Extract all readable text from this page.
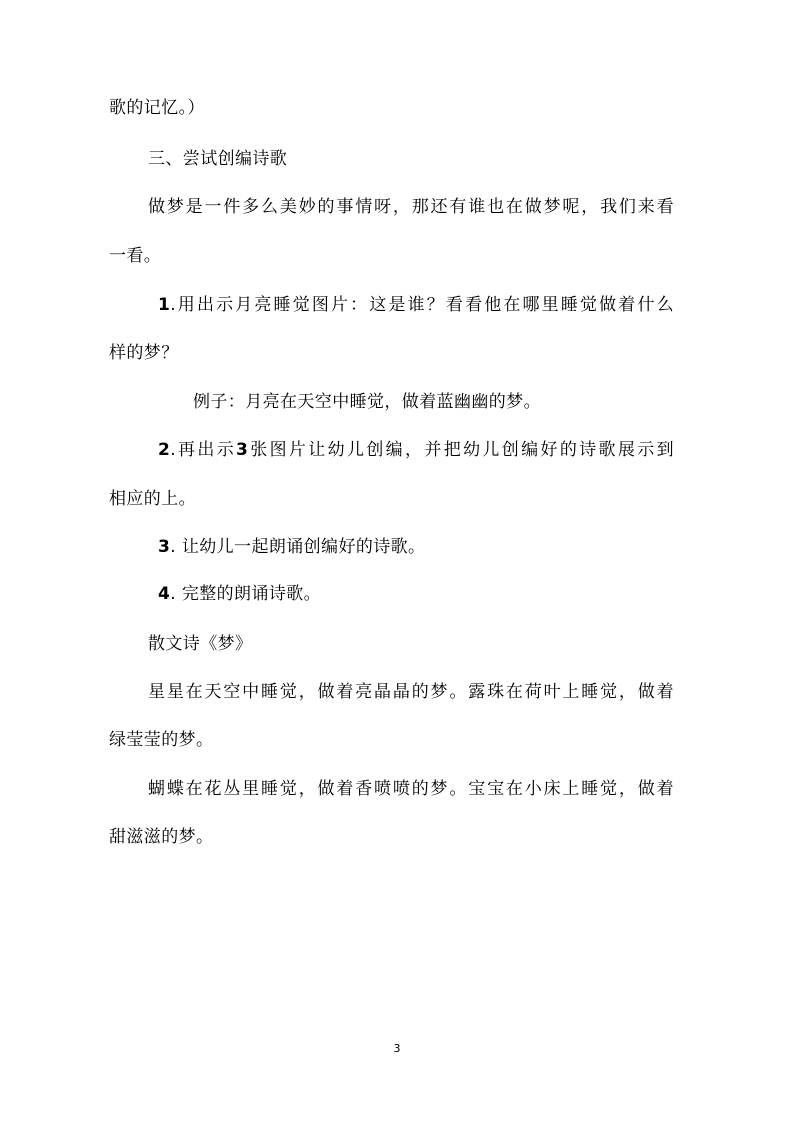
歌的记忆。）
三、尝试创编诗歌
做梦是一件多么美妙的事情呀，那还有谁也在做梦呢，我们来看
一看。
1.用出示月亮睡觉图片：这是谁？看看他在哪里睡觉做着什么
样的梦？
例子：月亮在天空中睡觉，做着蓝幽幽的梦。
2.再出示3张图片让幼儿创编，并把幼儿创编好的诗歌展示到
相应的上。
3. 让幼儿一起朗诵创编好的诗歌。
4. 完整的朗诵诗歌。
散文诗《梦》
星星在天空中睡觉，做着亮晶晶的梦。露珠在荷叶上睡觉，做着
绿莹莹的梦。
蝴蝶在花丛里睡觉，做着香喷喷的梦。宝宝在小床上睡觉，做着
甜滋滋的梦。
3
